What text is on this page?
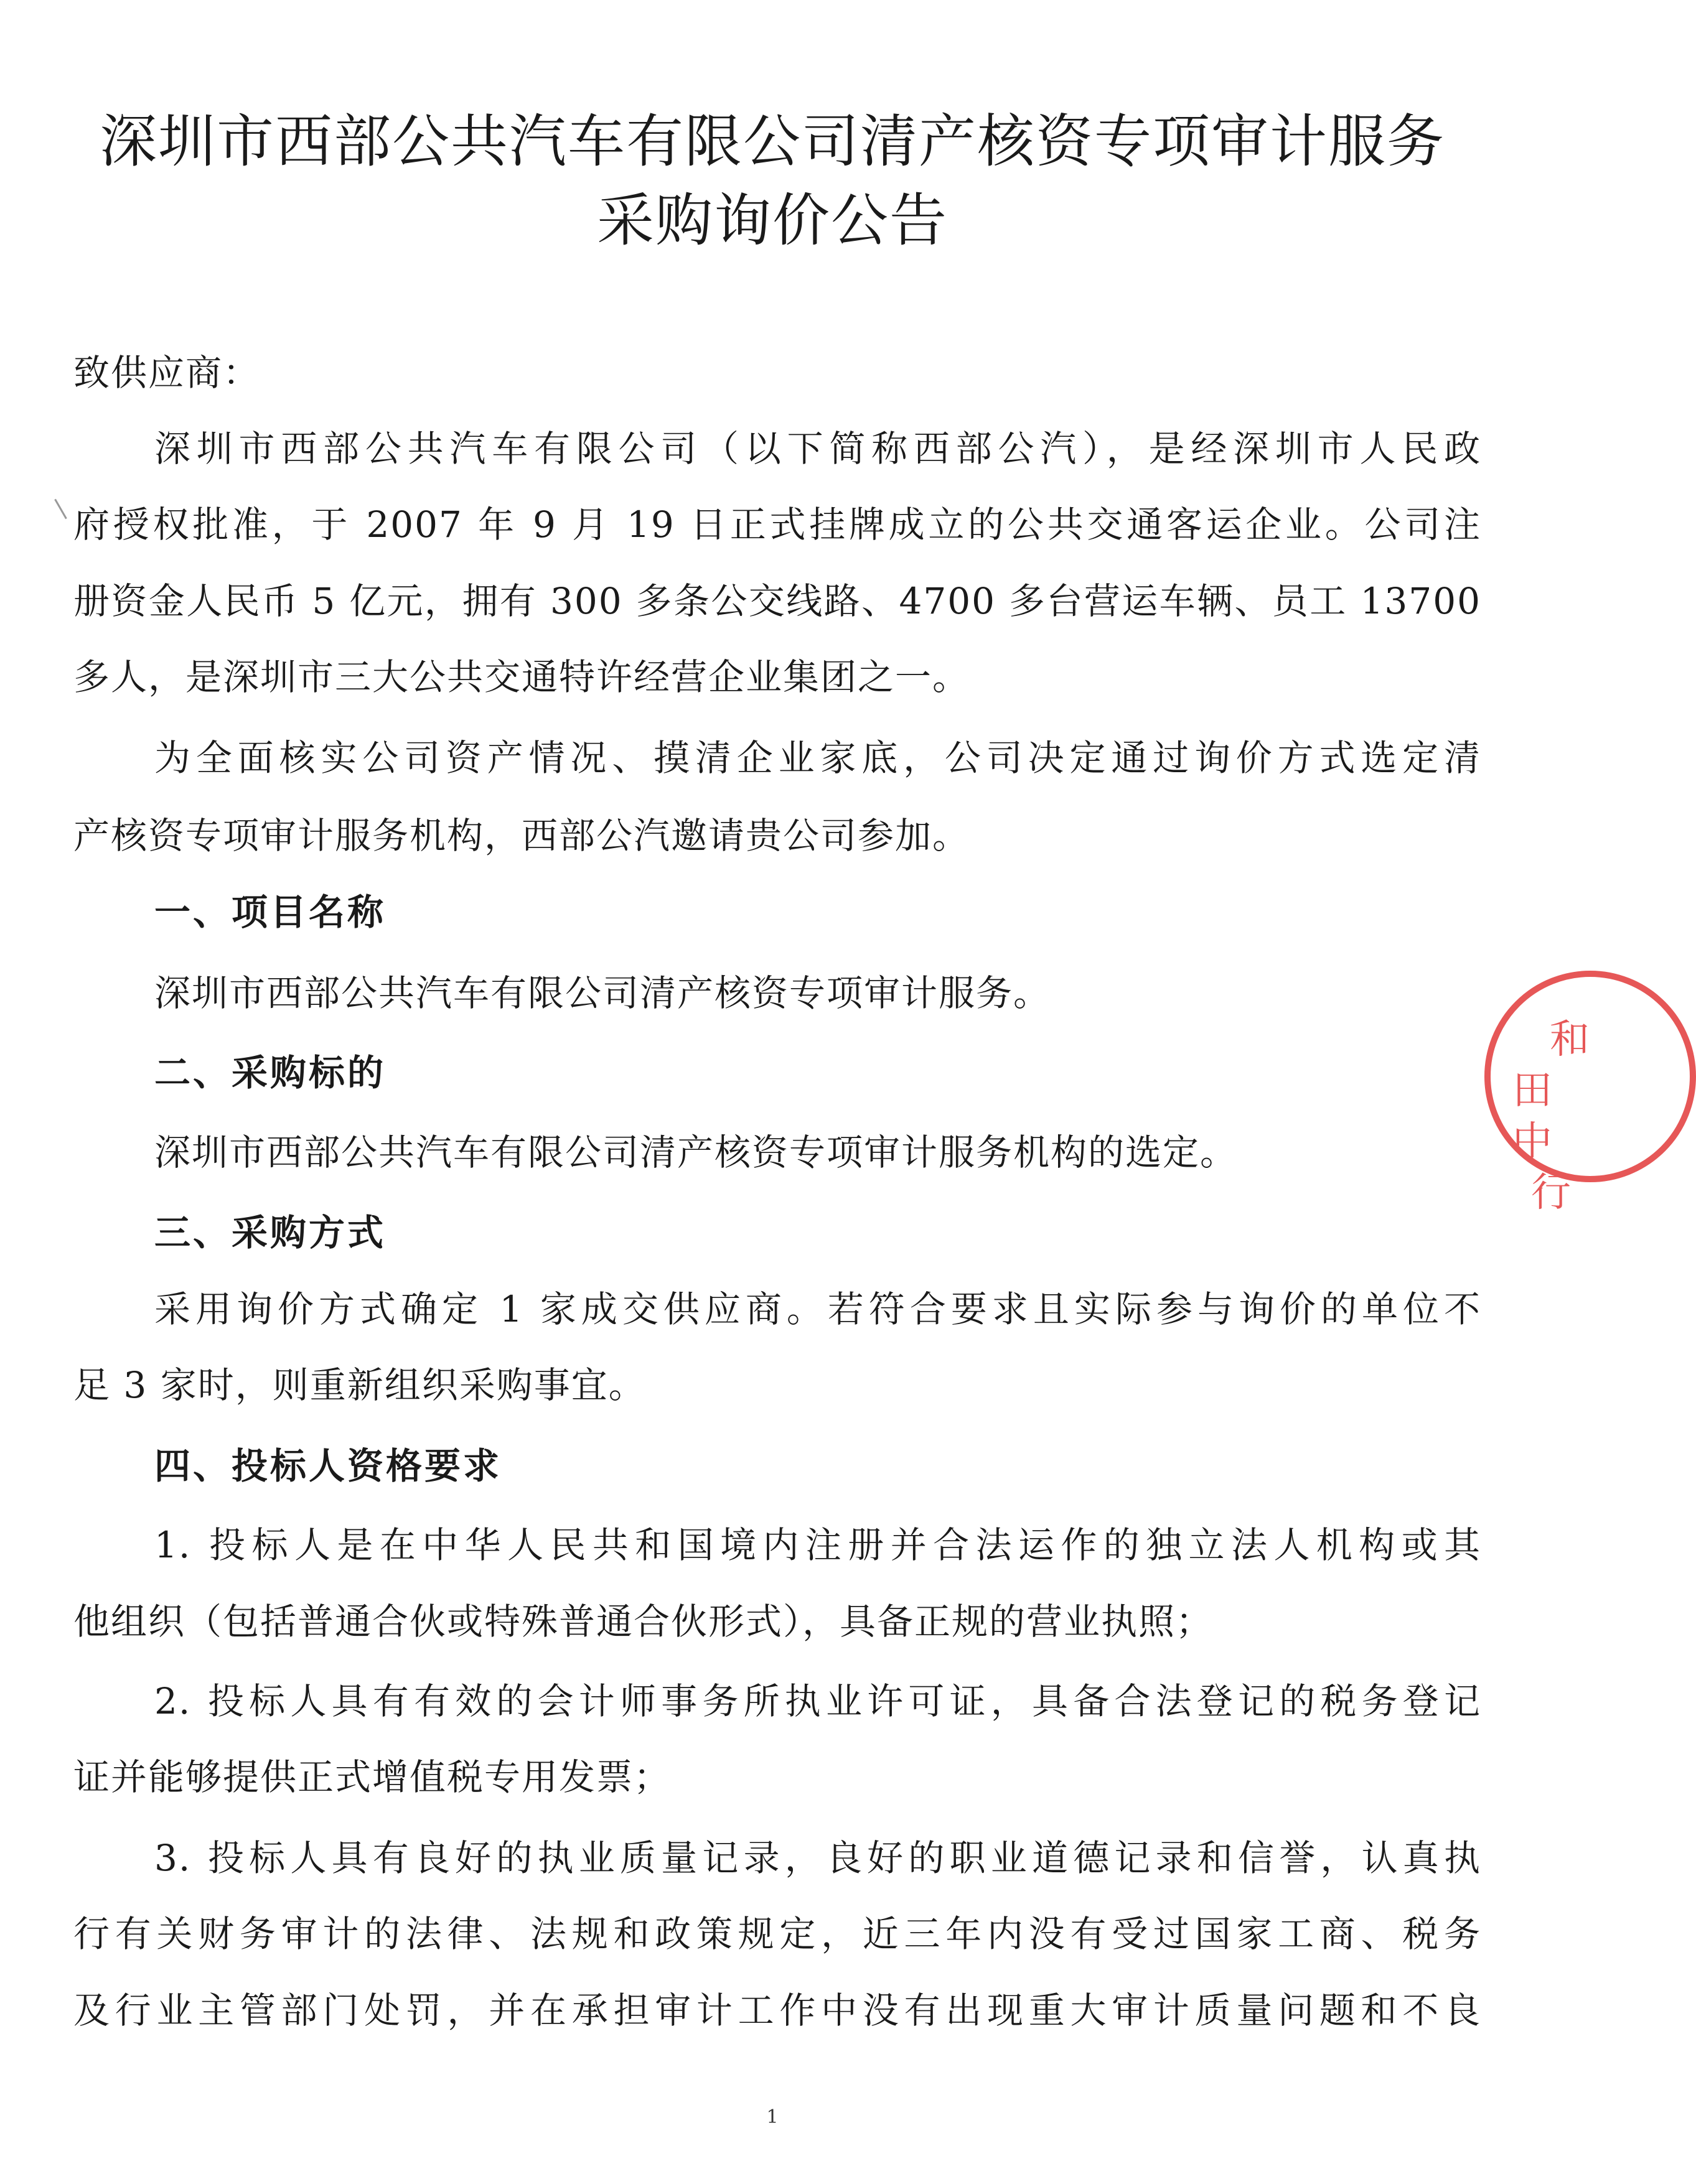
深圳市西部公共汽车有限公司清产核资专项审计服务
采购询价公告
致供应商：
深圳市西部公共汽车有限公司（以下简称西部公汽），是经深圳市人民政
府授权批准，于 2007 年 9 月 19 日正式挂牌成立的公共交通客运企业。公司注
册资金人民币 5 亿元，拥有 300 多条公交线路、4700 多台营运车辆、员工 13700
多人，是深圳市三大公共交通特许经营企业集团之一。
为全面核实公司资产情况、摸清企业家底，公司决定通过询价方式选定清
产核资专项审计服务机构，西部公汽邀请贵公司参加。
一、项目名称
深圳市西部公共汽车有限公司清产核资专项审计服务。
二、采购标的
深圳市西部公共汽车有限公司清产核资专项审计服务机构的选定。
三、采购方式
采用询价方式确定 1 家成交供应商。若符合要求且实际参与询价的单位不
足 3 家时，则重新组织采购事宜。
四、投标人资格要求
1. 投标人是在中华人民共和国境内注册并合法运作的独立法人机构或其
他组织（包括普通合伙或特殊普通合伙形式），具备正规的营业执照；
2. 投标人具有有效的会计师事务所执业许可证，具备合法登记的税务登记
证并能够提供正式增值税专用发票；
3. 投标人具有良好的执业质量记录，良好的职业道德记录和信誉，认真执
行有关财务审计的法律、法规和政策规定，近三年内没有受过国家工商、税务
及行业主管部门处罚，并在承担审计工作中没有出现重大审计质量问题和不良
1
和
田
中
行
